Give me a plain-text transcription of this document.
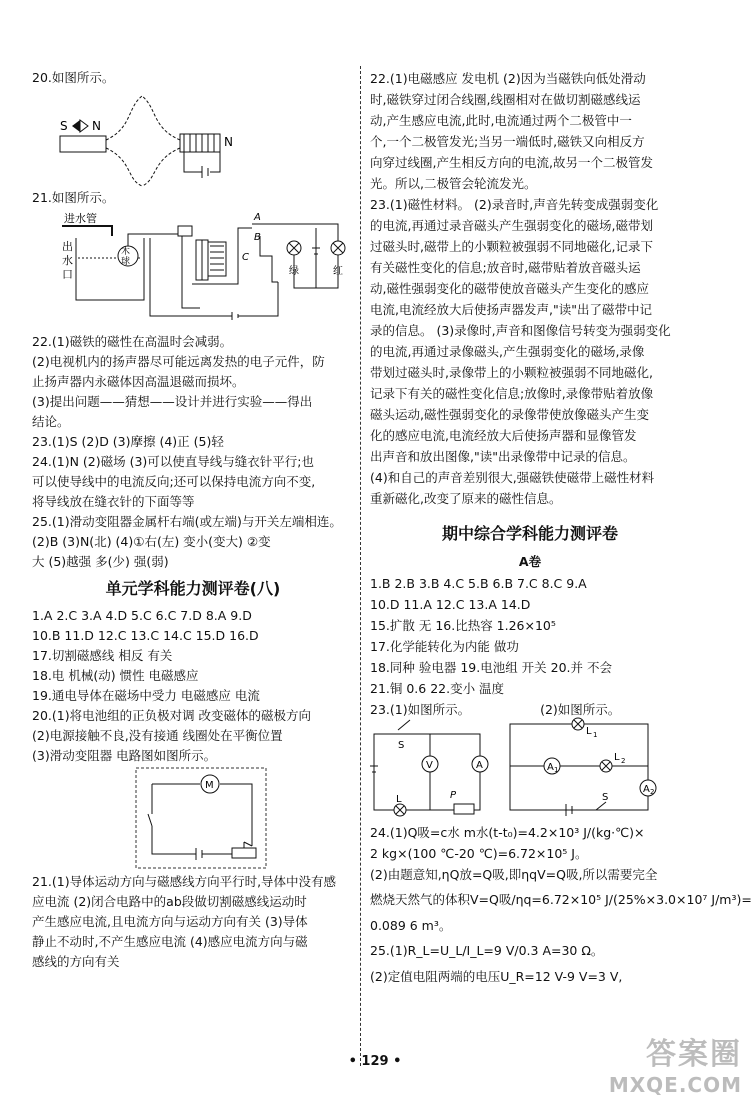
20.如图所示。
S N
N
21.如图所示。
进水管
出
水
口
木
球
A
B
C
绿	红
22.(1)磁铁的磁性在高温时会减弱。
(2)电视机内的扬声器尽可能远离发热的电子元件，防
止扬声器内永磁体因高温退磁而损坏。
(3)提出问题——猜想——设计并进行实验——得出
结论。
23.(1)S (2)D (3)摩擦 (4)正 (5)轻
24.(1)N (2)磁场 (3)可以使直导线与缝衣针平行;也
可以使导线中的电流反向;还可以保持电流方向不变,
将导线放在缝衣针的下面等等
25.(1)滑动变阻器金属杆右端(或左端)与开关左端相连。
(2)B (3)N(北) (4)①右(左) 变小(变大) ②变
大 (5)越强 多(少) 强(弱)
单元学科能力测评卷(八)
1.A 2.C 3.A 4.D 5.C 6.C 7.D 8.A 9.D
10.B 11.D 12.C 13.C 14.C 15.D 16.D
17.切割磁感线 相反 有关
18.电 机械(动) 惯性 电磁感应
19.通电导体在磁场中受力 电磁感应 电流
20.(1)将电池组的正负极对调 改变磁体的磁极方向
(2)电源接触不良,没有接通 线圈处在平衡位置
(3)滑动变阻器 电路图如图所示。
M
21.(1)导体运动方向与磁感线方向平行时,导体中没有感
应电流 (2)闭合电路中的ab段做切割磁感线运动时
产生感应电流,且电流方向与运动方向有关 (3)导体
静止不动时,不产生感应电流 (4)感应电流方向与磁
感线的方向有关
22.(1)电磁感应 发电机 (2)因为当磁铁向低处滑动
时,磁铁穿过闭合线圈,线圈相对在做切割磁感线运
动,产生感应电流,此时,电流通过两个二极管中一
个,一个二极管发光;当另一端低时,磁铁又向相反方
向穿过线圈,产生相反方向的电流,故另一个二极管发
光。所以,二极管会轮流发光。
23.(1)磁性材料。 (2)录音时,声音先转变成强弱变化
的电流,再通过录音磁头产生强弱变化的磁场,磁带划
过磁头时,磁带上的小颗粒被强弱不同地磁化,记录下
有关磁性变化的信息;放音时,磁带贴着放音磁头运
动,磁性强弱变化的磁带使放音磁头产生变化的感应
电流,电流经放大后使扬声器发声,"读"出了磁带中记
录的信息。 (3)录像时,声音和图像信号转变为强弱变化
的电流,再通过录像磁头,产生强弱变化的磁场,录像
带划过磁头时,录像带上的小颗粒被强弱不同地磁化,
记录下有关的磁性变化信息;放像时,录像带贴着放像
磁头运动,磁性强弱变化的录像带使放像磁头产生变
化的感应电流,电流经放大后使扬声器和显像管发
出声音和放出图像,"读"出录像带中记录的信息。
(4)和自己的声音差别很大,强磁铁使磁带上磁性材料
重新磁化,改变了原来的磁性信息。
期中综合学科能力测评卷
A卷
1.B 2.B 3.B 4.C 5.B 6.B 7.C 8.C 9.A
10.D 11.A 12.C 13.A 14.D
15.扩散 无 16.比热容 1.26×10⁵
17.化学能转化为内能 做功
18.同种 验电器 19.电池组 开关 20.并 不会
21.铜 0.6 22.变小 温度
23.(1)如图所示。	(2)如图所示。
S
V	A
L	P
L 1
A 1
L 2
A 2
S
24.(1)Q吸=c水 m水(t-t₀)=4.2×10³ J/(kg·℃)×
2 kg×(100 ℃-20 ℃)=6.72×10⁵ J。
(2)由题意知,ηQ放=Q吸,即ηqV=Q吸,所以需要完全
燃烧天然气的体积V=Q吸/ηq=6.72×10⁵ J/(25%×3.0×10⁷ J/m³)=
0.089 6 m³。
25.(1)R_L=U_L/I_L=9 V/0.3 A=30 Ω。
(2)定值电阻两端的电压U_R=12 V-9 V=3 V,
• 129 •	答案圈
MXQE.COM
